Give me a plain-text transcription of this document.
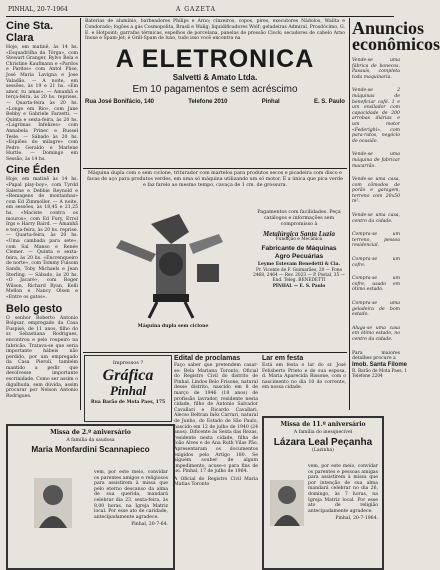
PINHAL, 20-7-1964	A GAZETA
Cine Sta. Clara

Hoje, em matinê, às 14 hs. «Esquadrilha da Tôrga», com Stewart Granger, Bylvo Bela e Christine Kaufmann e «Pardos e Pardos» com Antol Plise, José Maria Lavigna e Jose Valadão. — A noite, em sessões, às 19 e 21 hs. «Em amor, tu amas». — Amanhã e terça-feira, às 20 hs. reprises. — Quarta-feira às 20 hs. «Longe em Rio», com Jane Bebby e Gabriele Farzetti. — Quinta e sexta-feira, às 20 hs. «Lágrimas Infelizes» com Annabela Prinec e Russel Tesle. — Sábado às 20 hs. «Espiões do milagre» com Pedro Geraldo e Marlene Hurtle. — Domingo em Sessão, às 14 hs.

Cine Éden

Hoje, em matinê às 14 hs. «Papal play-boy», com Tyrdd Salerne e Debbie Reynold e «Remagens de montanhas» com Ed Zimmoller. — A noite, em sessões, às 18,45 e 21,25 hs. «Maciste contra os mouros», com Ed Fury, Errol Irgs e Harry Baird. — Amanhã e terça-feira, às 20 hs. reprise. — Quarta-feira, às 20 hs. «Uma cambada para sete», com Sal Manso e Renée Clemer. — Quinta e sexta-feira, às 20 hs. «Encrenqueiro de norte», com Tommy Fulsom Sands, Toby Michaels e Jean Sterling. — Sábado, às 20 hs. «O Jacaré», com Roger Wilson, Richard Ryan, Kelli Mellon e Nancy Olsen e «Entre os gatos».

Belo gesto

O senhor Roberto Antonio Bolgsar, empregado da Casa Fuspisé, de 11 anos, filho do sr. Sebastiana Rodrigues, encontrou e pelo roupeiro na fabricão. Tratava-se que seria importante hábeis não perdido, por um empregado da Casa Pieroli, também mantido a pedir que devolvesse importante escrinidade. Como ser assim o digulhuda, sem dúvida, assim procurar por Nelson Antonio Rodrigues.

Baterias de alumínio, barbeadores Philips e Arno; cinzeiros, copos, pires, executores Nádolos, Walita e Condorado; fogões a gás Cosmopolita, Brasil e Walig; liquidificadores Wolf; geladeiras Admiral, Prosdócimo, G. E. e Hotpoint; garrafas térmicas, espelhos de porcelana, panelas de pressão Clock; secadores de cabelo Arno Inoxe e Spam-Jet; é Grill-Spam de luxo, tudo isso você encontra na

A ELETRONICA
Salvetti & Amato Ltda.
Em 10 pagamentos e sem acréscimo
Rua José Bonifácio, 140	Telefone 2010	Pinhal	E. S. Paulo

Máquina dupla com o sem ciclone, triturador com martelos para produtos secos e picadeira com disco e facas de aço para produtos verdes, em uma só máquina utilizando um só motor. É a única que pica verde e faz farelo ao mesmo tempo, cavaça de 1 cm. de grossura.

Máquina dupla sem ciclone
Pagamentos com facilidades. Peça catálogos e informações sem compromisso à
Metalúrgica Santa Luzia
Fundição e Mecânica
Fabricante de Máquinas Agro Pecuárias
Leyme Estevam Benedetti & Cia.
Pr. Vicente de F. Guimarães, 20 — Fone 2468, 2464 — Rev. 2023 — P. Postal, 35 — End. Teleg. BENEDETTI
PINHAL — E. S. Paulo
Impressos ?
Gráfica
Pinhal
Rua Barão de Mota Paes, 175
Edital de proclamas

Faço saber que pretendem casar-se: Bela Mariana Toronto, Oficial do Registro Civil do distrito de Pinhal. Lindos Belo Frisone, natural desse distrito, nascido em 8 de março de 1946 (18 anos) de profissão lavrador, residente nesta cidade, filho de Antonio Salvador Cavallari e Ricardo Cavallari. Alecso Beltran Inêz Carrari, natural de Junho, do Estado de São Paulo, nascido em 12 de julho de 1940 (24 anos). Dificente às Sexta das Rezas, residente nesta cidade, filha de João Alves e de Ana Ruth Vilas Pão. Apresentaram os documentos exigidos pelo Artigo 180. Se alguém souber de algum impedimento, acuse-o para fins de lei. Pinhal, 17 de julho de 1964.

A Oficial do Registro Civil Maria Matias Toronto

Lar em festa

Está em festa o lar do sr. José Felisberto Prieto e de sua esposa, d. Maria Aparecida Rissone, com o nascimento no dia 10 do corrente, em nossa cidade.

Missa de 2.º aniversário
A família da saudosa
Maria Monfardini Scannapieco

vem, por este meio, convidar os parentes amigos e religiosos para assistirem à missa que pelo eterno descanso da alma de sua querida, mandará celebrar dia 23, sexta-feira, às 8,00 horas, na Igreja Matriz local. Por esse ato de caridade, antecipadamente agradece.

Pinhal, 20-7-64.

Missa de 11.º aniversário
A família do inesquecível
Lázara Leal Peçanha
(Lazinha)

vem, por este meio, convidar os parentes e pessoas amigas para assistirem à missa que por intenção de sua alma mandará celebrar no dia 26, domingo, às 7 horas, na Igreja Matriz local. Por esse ato de religião antecipadamente agradece.

Pinhal, 20-7-1964.

Anuncios
econômicos

Vende-se uma fábrica de bonecos. Passuís, completa toda maquinaria.

Vende-se 2 máquinas de beneficiar café. 1 e um ensilador com capacidade de 200 arrobas diárias e um motor «Federighi», com para-ratos, negócio de ocasião.

Vende-se uma máquina de fabricar macarrão.

Vende-se uma casa, com cômodos de porão e garagem, terreno com 20x50 m².

Vende-se uma casa, centro da cidade.

Compra-se um terreno, pessoa residencial.

Compra-se um cofre.

Compra-se um cofre, usado em ótimo estado.

Compra-se uma geladeira de bom estado.

Aluga-se uma casa em ótimo estado, no centro da cidade.

Para maiores detalhes procure a

Imob. Santa Filome
R. Barão de Mota Paes, 1
Telefone 2204
